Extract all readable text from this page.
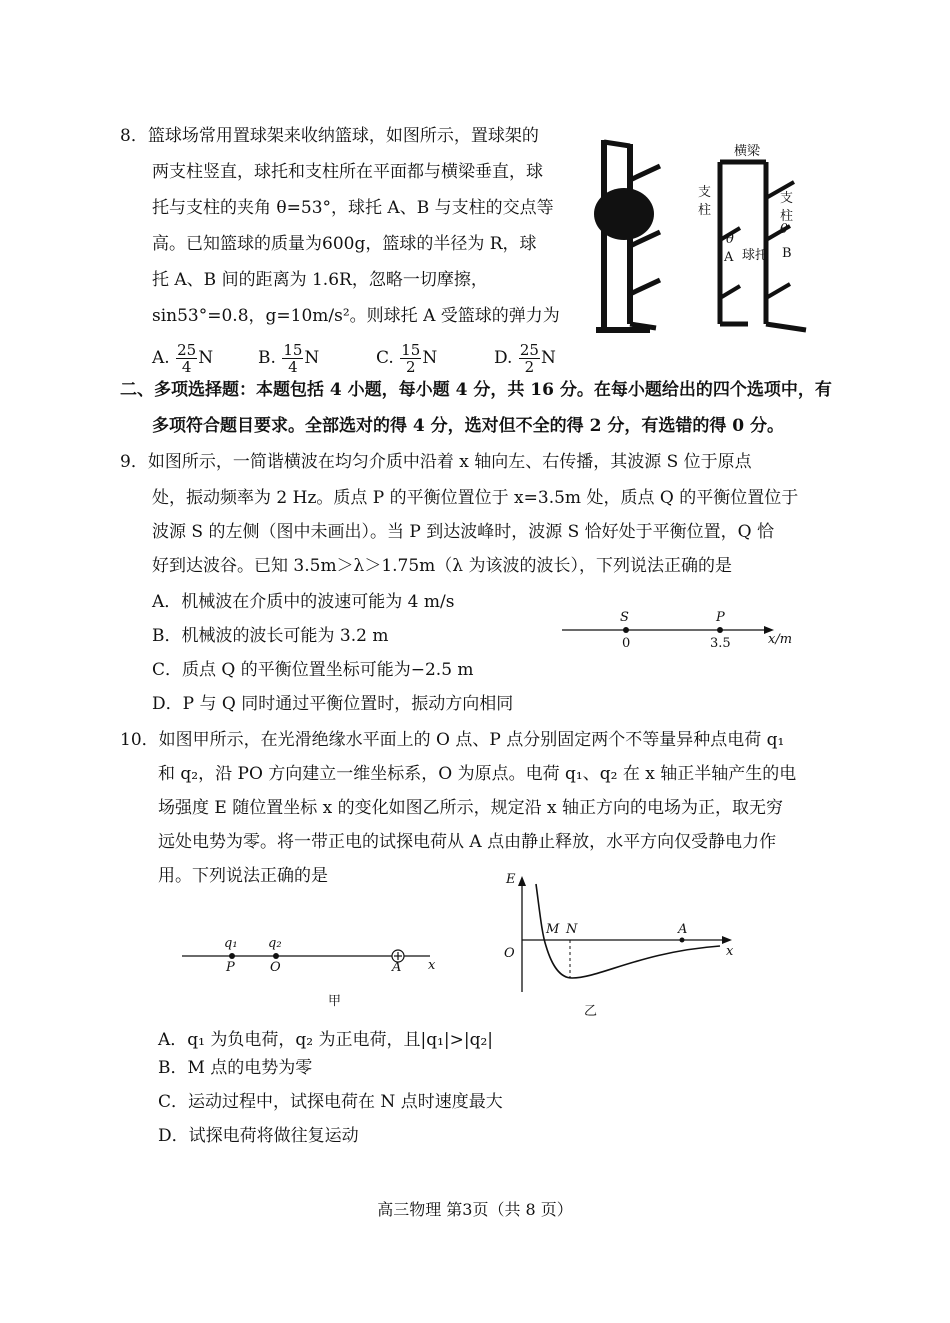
8．篮球场常用置球架来收纳篮球，如图所示，置球架的
两支柱竖直，球托和支柱所在平面都与横梁垂直，球
托与支柱的夹角 θ=53°，球托 A、B 与支柱的交点等
高。已知篮球的质量为600g，篮球的半径为 R，球
托 A、B 间的距离为 1.6R，忽略一切摩擦，
sin53°=0.8，g=10m/s²。则球托 A 受篮球的弹力为
A. $\frac{25}{4}$ N	B. $\frac{15}{4}$ N	C. $\frac{15}{2}$ N	D. $\frac{25}{2}$ N
横梁
支
柱
支
柱
θ
θ
A 球托 B
二、多项选择题：本题包括 4 小题，每小题 4 分，共 16 分。在每小题给出的四个选项中，有
多项符合题目要求。全部选对的得 4 分，选对但不全的得 2 分，有选错的得 0 分。
9．如图所示，一简谐横波在均匀介质中沿着 x 轴向左、右传播，其波源 S 位于原点
处，振动频率为 2 Hz。质点 P 的平衡位置位于 x=3.5m 处，质点 Q 的平衡位置位于
波源 S 的左侧（图中未画出）。当 P 到达波峰时，波源 S 恰好处于平衡位置，Q 恰
好到达波谷。已知 3.5m＞λ＞1.75m（λ 为该波的波长），下列说法正确的是
A．机械波在介质中的波速可能为 4 m/s
B．机械波的波长可能为 3.2 m
C．质点 Q 的平衡位置坐标可能为−2.5 m
D．P 与 Q 同时通过平衡位置时，振动方向相同
S	P
0	3.5	x/m
10．如图甲所示，在光滑绝缘水平面上的 O 点、P 点分别固定两个不等量异种点电荷 q₁
和 q₂，沿 PO 方向建立一维坐标系，O 为原点。电荷 q₁、q₂ 在 x 轴正半轴产生的电
场强度 E 随位置坐标 x 的变化如图乙所示，规定沿 x 轴正方向的电场为正，取无穷
远处电势为零。将一带正电的试探电荷从 A 点由静止释放，水平方向仅受静电力作
用。下列说法正确的是
q₁ q₂
P	O	A x
甲
E
O
M N	A
x
乙
A．q₁ 为负电荷，q₂ 为正电荷，且|q₁|>|q₂|
B．M 点的电势为零
C．运动过程中，试探电荷在 N 点时速度最大
D．试探电荷将做往复运动
高三物理 第3页（共 8 页）
